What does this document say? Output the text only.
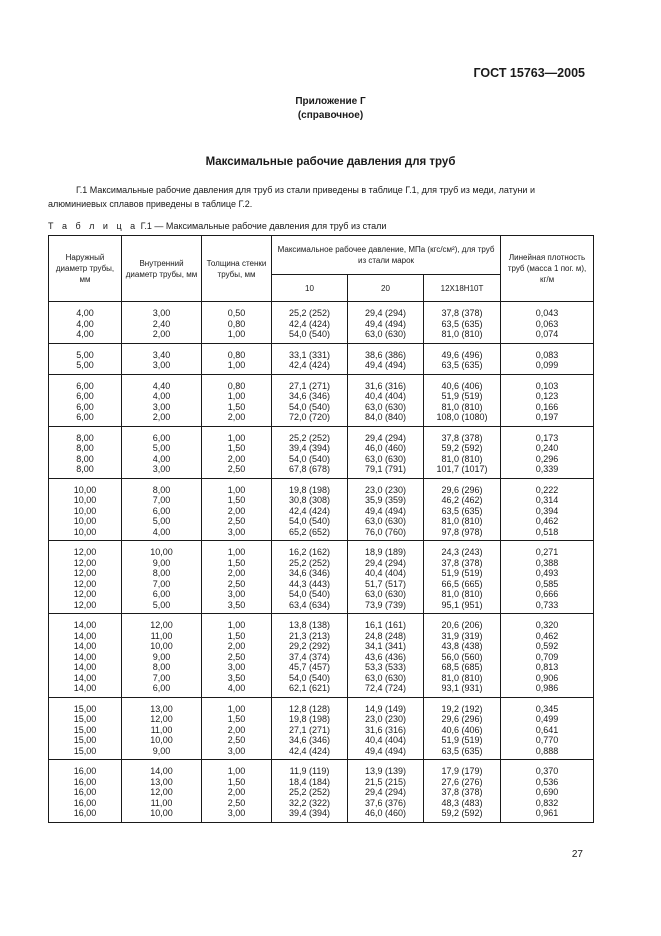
ГОСТ 15763—2005
Приложение Г
(справочное)
Максимальные рабочие давления для труб
Г.1 Максимальные рабочие давления для труб из стали приведены в таблице Г.1, для труб из меди, латуни и алюминиевых сплавов приведены в таблице Г.2.
Т а б л и ц а Г.1 — Максимальные рабочие давления для труб из стали
Наружный диаметр трубы, мм	Внутренний диаметр трубы, мм	Толщина стенки трубы, мм	Максимальное рабочее давление, МПа (кгс/см²), для труб из стали марок			Линейная плотность труб (масса 1 пог. м), кг/м
			10	20	12Х18Н10Т	
4,00	3,00	0,50	25,2 (252)	29,4 (294)	37,8 (378)	0,043
4,00	2,40	0,80	42,4 (424)	49,4 (494)	63,5 (635)	0,063
4,00	2,00	1,00	54,0 (540)	63,0 (630)	81,0 (810)	0,074
5,00	3,40	0,80	33,1 (331)	38,6 (386)	49,6 (496)	0,083
5,00	3,00	1,00	42,4 (424)	49,4 (494)	63,5 (635)	0,099
6,00	4,40	0,80	27,1 (271)	31,6 (316)	40,6 (406)	0,103
6,00	4,00	1,00	34,6 (346)	40,4 (404)	51,9 (519)	0,123
6,00	3,00	1,50	54,0 (540)	63,0 (630)	81,0 (810)	0,166
6,00	2,00	2,00	72,0 (720)	84,0 (840)	108,0 (1080)	0,197
8,00	6,00	1,00	25,2 (252)	29,4 (294)	37,8 (378)	0,173
8,00	5,00	1,50	39,4 (394)	46,0 (460)	59,2 (592)	0,240
8,00	4,00	2,00	54,0 (540)	63,0 (630)	81,0 (810)	0,296
8,00	3,00	2,50	67,8 (678)	79,1 (791)	101,7 (1017)	0,339
10,00	8,00	1,00	19,8 (198)	23,0 (230)	29,6 (296)	0,222
10,00	7,00	1,50	30,8 (308)	35,9 (359)	46,2 (462)	0,314
10,00	6,00	2,00	42,4 (424)	49,4 (494)	63,5 (635)	0,394
10,00	5,00	2,50	54,0 (540)	63,0 (630)	81,0 (810)	0,462
10,00	4,00	3,00	65,2 (652)	76,0 (760)	97,8 (978)	0,518
12,00	10,00	1,00	16,2 (162)	18,9 (189)	24,3 (243)	0,271
12,00	9,00	1,50	25,2 (252)	29,4 (294)	37,8 (378)	0,388
12,00	8,00	2,00	34,6 (346)	40,4 (404)	51,9 (519)	0,493
12,00	7,00	2,50	44,3 (443)	51,7 (517)	66,5 (665)	0,585
12,00	6,00	3,00	54,0 (540)	63,0 (630)	81,0 (810)	0,666
12,00	5,00	3,50	63,4 (634)	73,9 (739)	95,1 (951)	0,733
14,00	12,00	1,00	13,8 (138)	16,1 (161)	20,6 (206)	0,320
14,00	11,00	1,50	21,3 (213)	24,8 (248)	31,9 (319)	0,462
14,00	10,00	2,00	29,2 (292)	34,1 (341)	43,8 (438)	0,592
14,00	9,00	2,50	37,4 (374)	43,6 (436)	56,0 (560)	0,709
14,00	8,00	3,00	45,7 (457)	53,3 (533)	68,5 (685)	0,813
14,00	7,00	3,50	54,0 (540)	63,0 (630)	81,0 (810)	0,906
14,00	6,00	4,00	62,1 (621)	72,4 (724)	93,1 (931)	0,986
15,00	13,00	1,00	12,8 (128)	14,9 (149)	19,2 (192)	0,345
15,00	12,00	1,50	19,8 (198)	23,0 (230)	29,6 (296)	0,499
15,00	11,00	2,00	27,1 (271)	31,6 (316)	40,6 (406)	0,641
15,00	10,00	2,50	34,6 (346)	40,4 (404)	51,9 (519)	0,770
15,00	9,00	3,00	42,4 (424)	49,4 (494)	63,5 (635)	0,888
16,00	14,00	1,00	11,9 (119)	13,9 (139)	17,9 (179)	0,370
16,00	13,00	1,50	18,4 (184)	21,5 (215)	27,6 (276)	0,536
16,00	12,00	2,00	25,2 (252)	29,4 (294)	37,8 (378)	0,690
16,00	11,00	2,50	32,2 (322)	37,6 (376)	48,3 (483)	0,832
16,00	10,00	3,00	39,4 (394)	46,0 (460)	59,2 (592)	0,961
27
